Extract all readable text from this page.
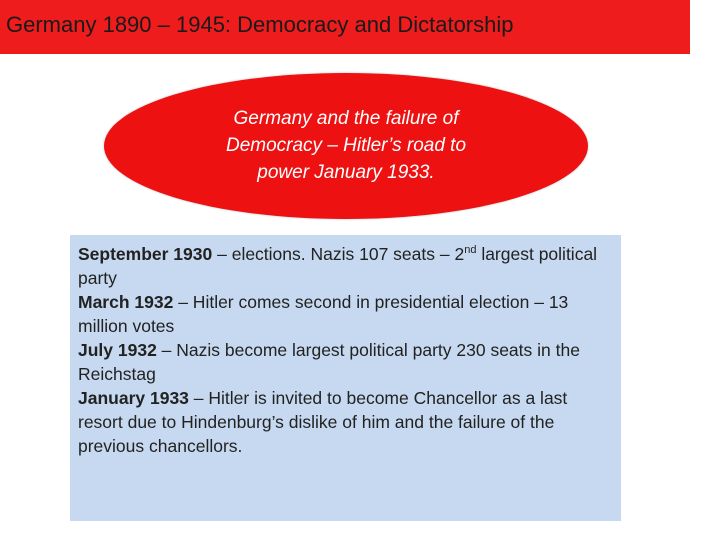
Germany 1890 – 1945: Democracy and Dictatorship
Germany and the failure of
Democracy – Hitler’s road to
power January 1933.

September 1930 – elections. Nazis 107 seats – 2nd largest political party

March 1932 – Hitler comes second in presidential election – 13 million votes

July 1932 – Nazis become largest political party 230 seats in the Reichstag

January 1933 – Hitler is invited to become Chancellor as a last resort due to Hindenburg’s dislike of him and the failure of the previous chancellors.
